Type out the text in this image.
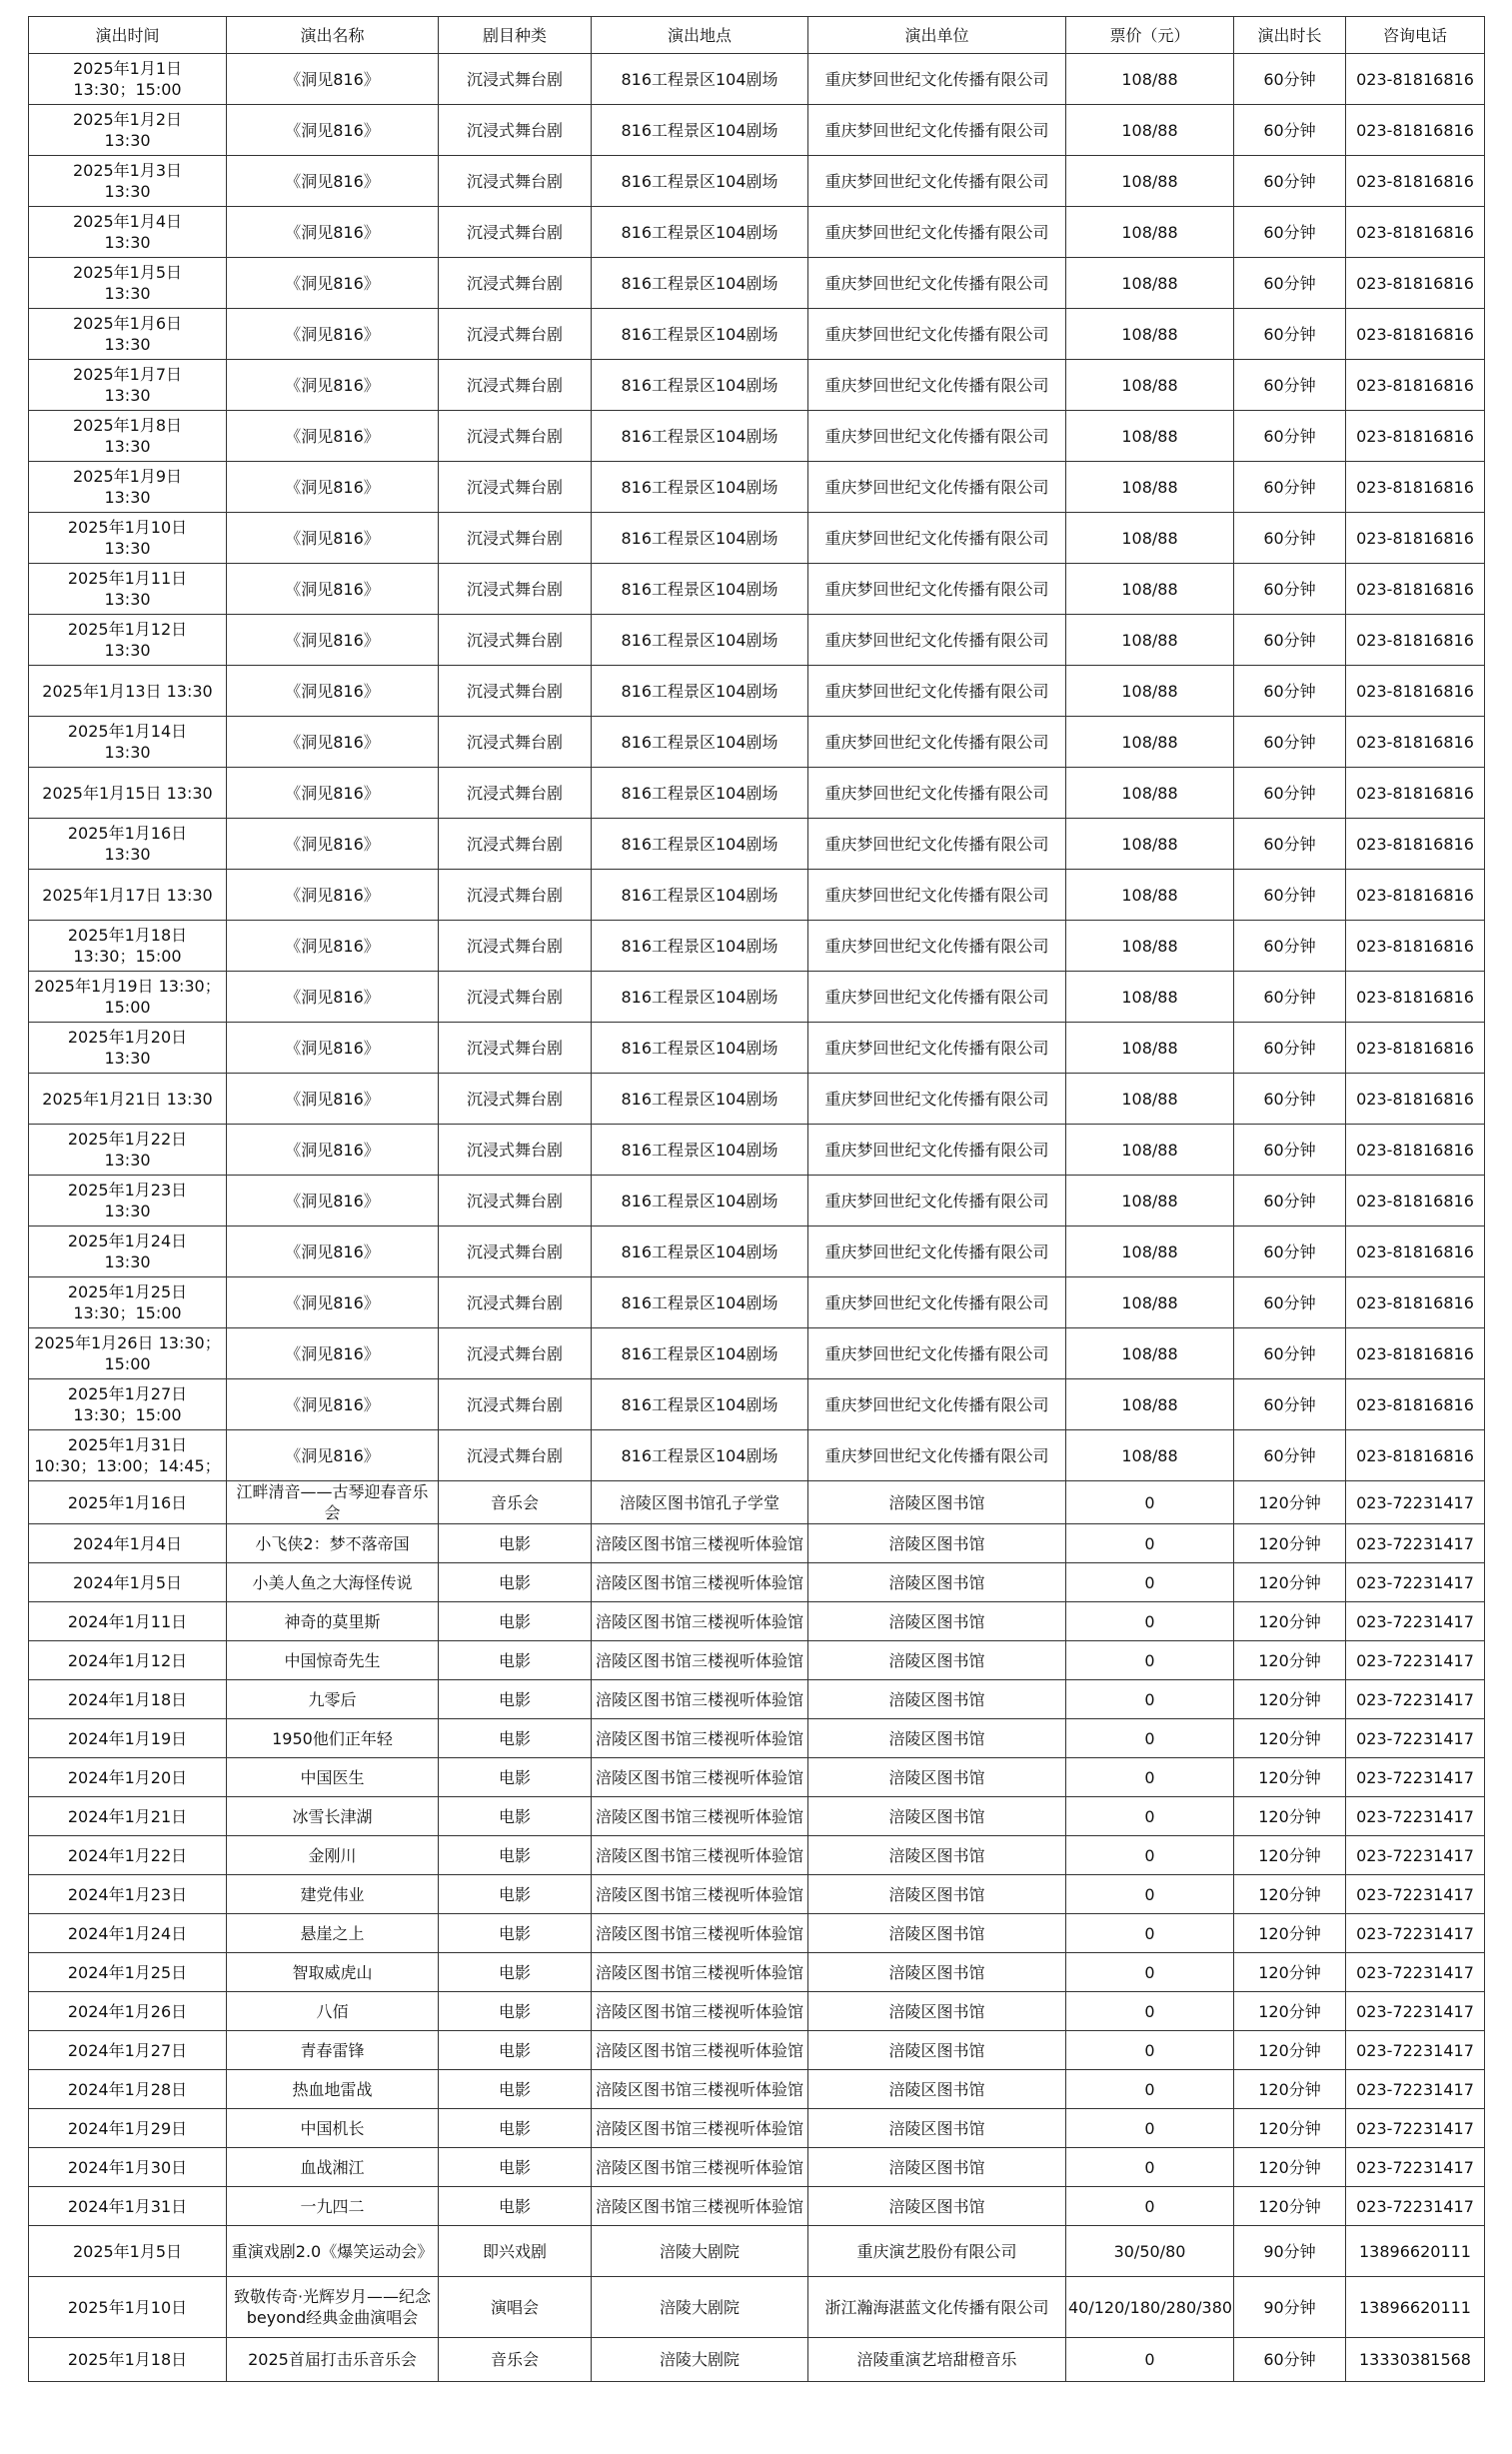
演出时间	演出名称	剧目种类	演出地点	演出单位	票价（元）	演出时长	咨询电话
2025年1月1日
13:30；15:00	《洞见816》	沉浸式舞台剧	816工程景区104剧场	重庆梦回世纪文化传播有限公司	108/88	60分钟	023-81816816
2025年1月2日
13:30	《洞见816》	沉浸式舞台剧	816工程景区104剧场	重庆梦回世纪文化传播有限公司	108/88	60分钟	023-81816816
2025年1月3日
13:30	《洞见816》	沉浸式舞台剧	816工程景区104剧场	重庆梦回世纪文化传播有限公司	108/88	60分钟	023-81816816
2025年1月4日
13:30	《洞见816》	沉浸式舞台剧	816工程景区104剧场	重庆梦回世纪文化传播有限公司	108/88	60分钟	023-81816816
2025年1月5日
13:30	《洞见816》	沉浸式舞台剧	816工程景区104剧场	重庆梦回世纪文化传播有限公司	108/88	60分钟	023-81816816
2025年1月6日
13:30	《洞见816》	沉浸式舞台剧	816工程景区104剧场	重庆梦回世纪文化传播有限公司	108/88	60分钟	023-81816816
2025年1月7日
13:30	《洞见816》	沉浸式舞台剧	816工程景区104剧场	重庆梦回世纪文化传播有限公司	108/88	60分钟	023-81816816
2025年1月8日
13:30	《洞见816》	沉浸式舞台剧	816工程景区104剧场	重庆梦回世纪文化传播有限公司	108/88	60分钟	023-81816816
2025年1月9日
13:30	《洞见816》	沉浸式舞台剧	816工程景区104剧场	重庆梦回世纪文化传播有限公司	108/88	60分钟	023-81816816
2025年1月10日
13:30	《洞见816》	沉浸式舞台剧	816工程景区104剧场	重庆梦回世纪文化传播有限公司	108/88	60分钟	023-81816816
2025年1月11日
13:30	《洞见816》	沉浸式舞台剧	816工程景区104剧场	重庆梦回世纪文化传播有限公司	108/88	60分钟	023-81816816
2025年1月12日
13:30	《洞见816》	沉浸式舞台剧	816工程景区104剧场	重庆梦回世纪文化传播有限公司	108/88	60分钟	023-81816816
2025年1月13日 13:30	《洞见816》	沉浸式舞台剧	816工程景区104剧场	重庆梦回世纪文化传播有限公司	108/88	60分钟	023-81816816
2025年1月14日
13:30	《洞见816》	沉浸式舞台剧	816工程景区104剧场	重庆梦回世纪文化传播有限公司	108/88	60分钟	023-81816816
2025年1月15日 13:30	《洞见816》	沉浸式舞台剧	816工程景区104剧场	重庆梦回世纪文化传播有限公司	108/88	60分钟	023-81816816
2025年1月16日
13:30	《洞见816》	沉浸式舞台剧	816工程景区104剧场	重庆梦回世纪文化传播有限公司	108/88	60分钟	023-81816816
2025年1月17日 13:30	《洞见816》	沉浸式舞台剧	816工程景区104剧场	重庆梦回世纪文化传播有限公司	108/88	60分钟	023-81816816
2025年1月18日
13:30；15:00	《洞见816》	沉浸式舞台剧	816工程景区104剧场	重庆梦回世纪文化传播有限公司	108/88	60分钟	023-81816816
2025年1月19日 13:30；
15:00	《洞见816》	沉浸式舞台剧	816工程景区104剧场	重庆梦回世纪文化传播有限公司	108/88	60分钟	023-81816816
2025年1月20日
13:30	《洞见816》	沉浸式舞台剧	816工程景区104剧场	重庆梦回世纪文化传播有限公司	108/88	60分钟	023-81816816
2025年1月21日 13:30	《洞见816》	沉浸式舞台剧	816工程景区104剧场	重庆梦回世纪文化传播有限公司	108/88	60分钟	023-81816816
2025年1月22日
13:30	《洞见816》	沉浸式舞台剧	816工程景区104剧场	重庆梦回世纪文化传播有限公司	108/88	60分钟	023-81816816
2025年1月23日
13:30	《洞见816》	沉浸式舞台剧	816工程景区104剧场	重庆梦回世纪文化传播有限公司	108/88	60分钟	023-81816816
2025年1月24日
13:30	《洞见816》	沉浸式舞台剧	816工程景区104剧场	重庆梦回世纪文化传播有限公司	108/88	60分钟	023-81816816
2025年1月25日
13:30；15:00	《洞见816》	沉浸式舞台剧	816工程景区104剧场	重庆梦回世纪文化传播有限公司	108/88	60分钟	023-81816816
2025年1月26日 13:30；
15:00	《洞见816》	沉浸式舞台剧	816工程景区104剧场	重庆梦回世纪文化传播有限公司	108/88	60分钟	023-81816816
2025年1月27日
13:30；15:00	《洞见816》	沉浸式舞台剧	816工程景区104剧场	重庆梦回世纪文化传播有限公司	108/88	60分钟	023-81816816
2025年1月31日
10:30；13:00；14:45；	《洞见816》	沉浸式舞台剧	816工程景区104剧场	重庆梦回世纪文化传播有限公司	108/88	60分钟	023-81816816
2025年1月16日	江畔清音——古琴迎春音乐会	音乐会	涪陵区图书馆孔子学堂	涪陵区图书馆	0	120分钟	023-72231417
2024年1月4日	小飞侠2：梦不落帝国	电影	涪陵区图书馆三楼视听体验馆	涪陵区图书馆	0	120分钟	023-72231417
2024年1月5日	小美人鱼之大海怪传说	电影	涪陵区图书馆三楼视听体验馆	涪陵区图书馆	0	120分钟	023-72231417
2024年1月11日	神奇的莫里斯	电影	涪陵区图书馆三楼视听体验馆	涪陵区图书馆	0	120分钟	023-72231417
2024年1月12日	中国惊奇先生	电影	涪陵区图书馆三楼视听体验馆	涪陵区图书馆	0	120分钟	023-72231417
2024年1月18日	九零后	电影	涪陵区图书馆三楼视听体验馆	涪陵区图书馆	0	120分钟	023-72231417
2024年1月19日	1950他们正年轻	电影	涪陵区图书馆三楼视听体验馆	涪陵区图书馆	0	120分钟	023-72231417
2024年1月20日	中国医生	电影	涪陵区图书馆三楼视听体验馆	涪陵区图书馆	0	120分钟	023-72231417
2024年1月21日	冰雪长津湖	电影	涪陵区图书馆三楼视听体验馆	涪陵区图书馆	0	120分钟	023-72231417
2024年1月22日	金刚川	电影	涪陵区图书馆三楼视听体验馆	涪陵区图书馆	0	120分钟	023-72231417
2024年1月23日	建党伟业	电影	涪陵区图书馆三楼视听体验馆	涪陵区图书馆	0	120分钟	023-72231417
2024年1月24日	悬崖之上	电影	涪陵区图书馆三楼视听体验馆	涪陵区图书馆	0	120分钟	023-72231417
2024年1月25日	智取威虎山	电影	涪陵区图书馆三楼视听体验馆	涪陵区图书馆	0	120分钟	023-72231417
2024年1月26日	八佰	电影	涪陵区图书馆三楼视听体验馆	涪陵区图书馆	0	120分钟	023-72231417
2024年1月27日	青春雷锋	电影	涪陵区图书馆三楼视听体验馆	涪陵区图书馆	0	120分钟	023-72231417
2024年1月28日	热血地雷战	电影	涪陵区图书馆三楼视听体验馆	涪陵区图书馆	0	120分钟	023-72231417
2024年1月29日	中国机长	电影	涪陵区图书馆三楼视听体验馆	涪陵区图书馆	0	120分钟	023-72231417
2024年1月30日	血战湘江	电影	涪陵区图书馆三楼视听体验馆	涪陵区图书馆	0	120分钟	023-72231417
2024年1月31日	一九四二	电影	涪陵区图书馆三楼视听体验馆	涪陵区图书馆	0	120分钟	023-72231417
2025年1月5日	重演戏剧2.0《爆笑运动会》	即兴戏剧	涪陵大剧院	重庆演艺股份有限公司	30/50/80	90分钟	13896620111
2025年1月10日	致敬传奇·光辉岁月——纪念beyond经典金曲演唱会	演唱会	涪陵大剧院	浙江瀚海湛蓝文化传播有限公司	40/120/180/280/380	90分钟	13896620111
2025年1月18日	2025首届打击乐音乐会	音乐会	涪陵大剧院	涪陵重演艺培甜橙音乐	0	60分钟	13330381568
